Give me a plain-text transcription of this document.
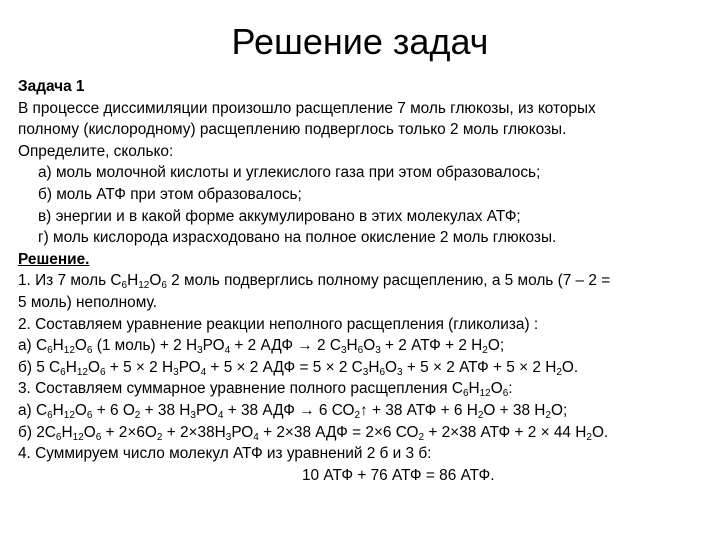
Решение задач
Задача 1
В процессе диссимиляции произошло расщепление 7 моль глюкозы, из которых
полному (кислородному) расщеплению подверглось только 2 моль глюкозы.
Определите, сколько:
а) моль молочной кислоты и углекислого газа при этом образовалось;
б) моль АТФ при этом образовалось;
в) энергии и в какой форме аккумулировано в этих молекулах АТФ;
г) моль кислорода израсходовано на полное окисление 2 моль глюкозы.
Решение.
1. Из 7 моль $С_6Н_{12}О_6$ 2 моль подверглись полному расщеплению, а 5 моль (7 – 2 =
5 моль) неполному.
2. Составляем уравнение реакции неполного расщепления (гликолиза) :
а) $С_6Н_{12}О_6$ (1 моль) + 2 $Н_3РО_4 + 2$ АДФ → 2 $С_3Н_6О_3 + 2$ АТФ + 2 $Н_2О$;
б) 5 $С_6Н_{12}О_6 + 5 \times 2$ $Н_3РО_4 + 5 \times 2$ АДФ = 5 × 2 $С_3Н_6О_3 + 5 \times 2$ АТФ + 5 × 2 $Н_2О$.
3. Составляем суммарное уравнение полного расщепления $С_6Н_{12}О_6$:
а) $С_6Н_{12}О_6 + 6$ $О_2 + 38$ $Н_3РО_4 + 38$ АДФ → 6 $СО_2↑ + 38$ АТФ + 6 $Н_2О + 38$ $Н_2О$;
б) $2С_6Н_{12}О_6 + 2\times 6О_2 + 2\times 38Н_3РО_4 + 2\times 38$ АДФ = 2×6 $СО_2 + 2\times 38$ АТФ + 2 × 44 $Н_2О$.
4. Суммируем число молекул АТФ из уравнений 2 б и 3 б:
10 АТФ + 76 АТФ = 86 АТФ.
